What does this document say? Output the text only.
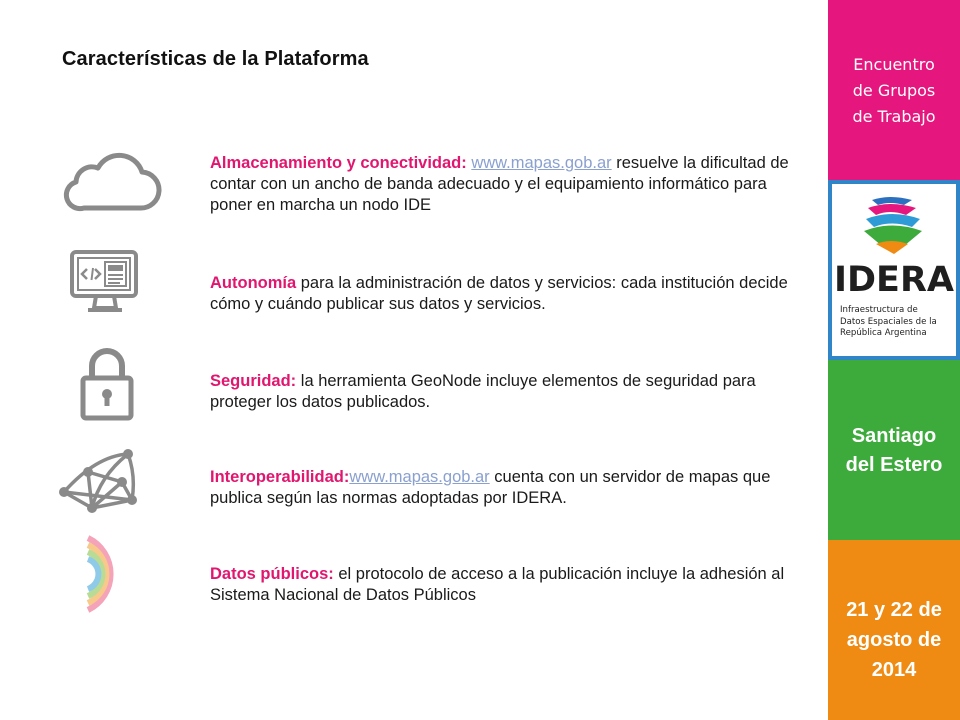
Características de la Plataforma
Almacenamiento y conectividad: www.mapas.gob.ar resuelve la dificultad de contar con un ancho de banda adecuado y el equipamiento informático para poner en marcha un nodo IDE
Autonomía para la administración de datos y servicios: cada institución decide cómo y cuándo publicar sus datos y servicios.
Seguridad: la herramienta GeoNode incluye elementos de seguridad para proteger los datos publicados.
Interoperabilidad:www.mapas.gob.ar cuenta con un servidor de mapas que publica según las normas adoptadas por IDERA.
Datos públicos: el protocolo de acceso a la publicación incluye la adhesión al Sistema Nacional de Datos Públicos
Encuentro
de Grupos
de Trabajo
IDERA
Infraestructura de
Datos Espaciales de la
República Argentina
Santiago
del Estero
21 y 22 de
agosto de
2014
